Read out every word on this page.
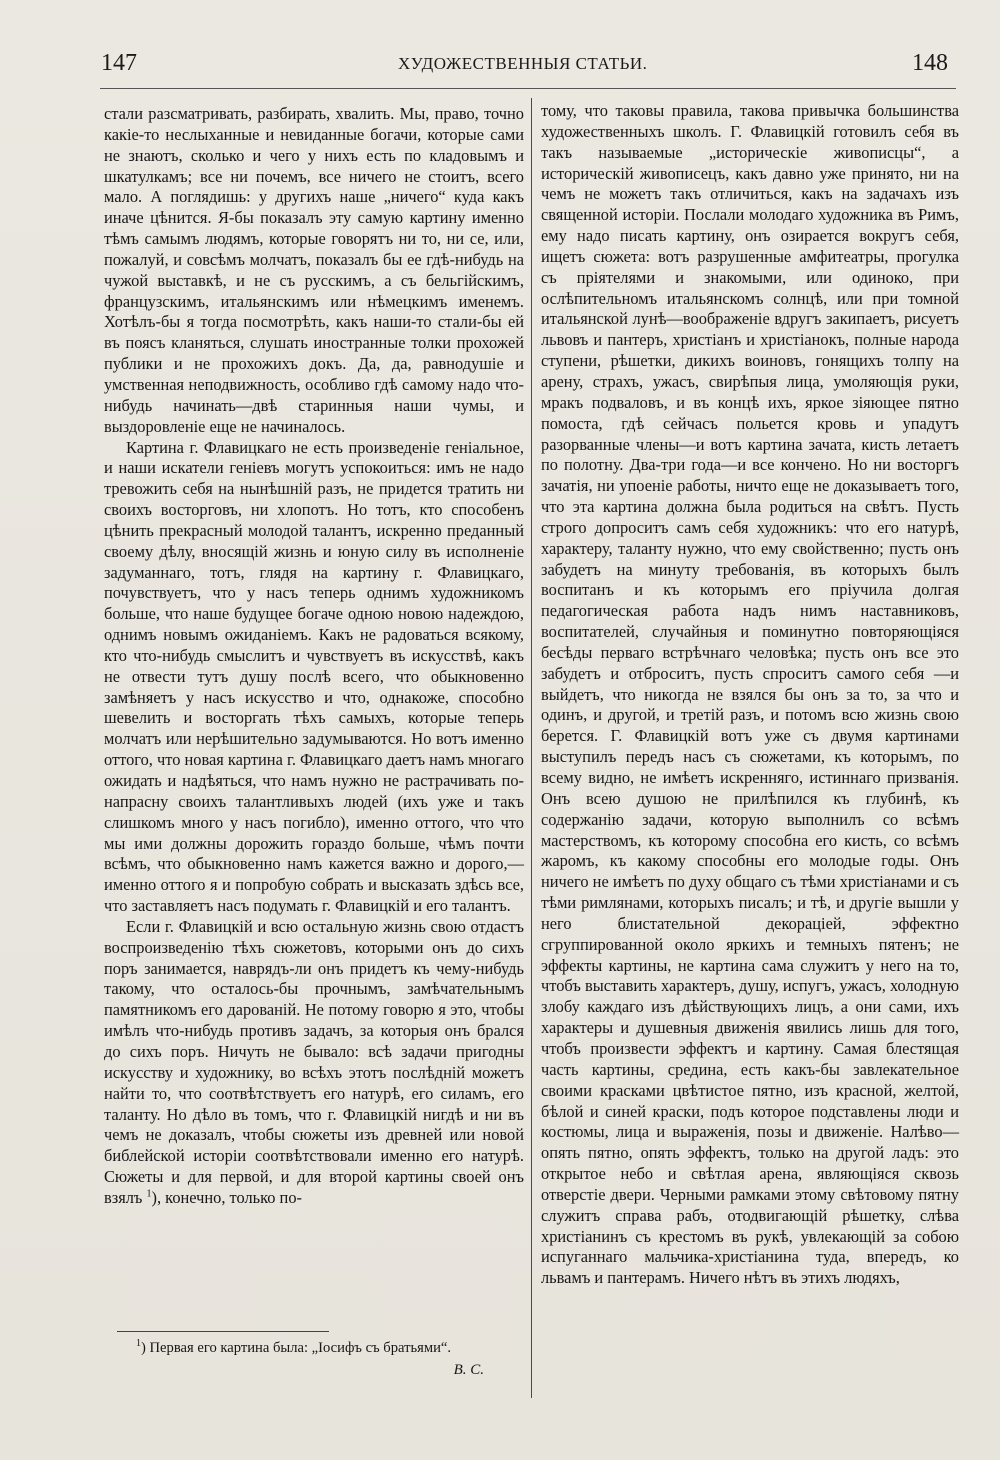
147	ХУДОЖЕСТВЕННЫЯ СТАТЬИ.	148

стали разсматривать, разбирать, хвалить. Мы, право, точно какіе-то неслыханные и невиданные богачи, которые сами не знаютъ, сколько и чего у нихъ есть по кладовымъ и шкатулкамъ; все ни почемъ, все ничего не стоитъ, всего мало. А поглядишь: у другихъ наше „ничего“ куда какъ иначе цѣнится. Я-бы показалъ эту самую картину именно тѣмъ самымъ людямъ, которые говорятъ ни то, ни се, или, пожалуй, и совсѣмъ молчатъ, показалъ бы ее гдѣ-нибудь на чужой выставкѣ, и не съ русскимъ, а съ бельгійскимъ, французскимъ, итальянскимъ или нѣмецкимъ именемъ. Хотѣлъ-бы я тогда посмотрѣть, какъ наши-то стали-бы ей въ поясъ кланяться, слушать иностранные толки прохожей публики и не прохожихъ докъ. Да, да, равнодушіе и умственная неподвижность, особливо гдѣ самому надо что-нибудь начинать—двѣ старинныя наши чумы, и выздоровленіе еще не начиналось.

Картина г. Флавицкаго не есть произведеніе геніальное, и наши искатели геніевъ могутъ успокоиться: имъ не надо тревожить себя на нынѣшній разъ, не придется тратить ни своихъ восторговъ, ни хлопотъ. Но тотъ, кто способенъ цѣнить прекрасный молодой талантъ, искренно преданный своему дѣлу, вносящій жизнь и юную силу въ исполненіе задуманнаго, тотъ, глядя на картину г. Флавицкаго, почувствуетъ, что у насъ теперь однимъ художникомъ больше, что наше будущее богаче одною новою надеждою, однимъ новымъ ожиданіемъ. Какъ не радоваться всякому, кто что-нибудь смыслитъ и чувствуетъ въ искусствѣ, какъ не отвести тутъ душу послѣ всего, что обыкновенно замѣняетъ у насъ искусство и что, однакоже, способно шевелить и восторгать тѣхъ самыхъ, которые теперь молчатъ или нерѣшительно задумываются. Но вотъ именно оттого, что новая картина г. Флавицкаго даетъ намъ многаго ожидать и надѣяться, что намъ нужно не растрачивать по-напрасну своихъ талантливыхъ людей (ихъ уже и такъ слишкомъ много у насъ погибло), именно оттого, что что мы ими должны дорожить гораздо больше, чѣмъ почти всѣмъ, что обыкновенно намъ кажется важно и дорого,—именно оттого я и попробую собрать и высказать здѣсь все, что заставляетъ насъ подумать г. Флавицкій и его талантъ.

Если г. Флавицкій и всю остальную жизнь свою отдастъ воспроизведенію тѣхъ сюжетовъ, которыми онъ до сихъ поръ занимается, наврядъ-ли онъ придетъ къ чему-нибудь такому, что осталось-бы прочнымъ, замѣчательнымъ памятникомъ его дарованій. Не потому говорю я это, чтобы имѣлъ что-нибудь противъ задачъ, за которыя онъ брался до сихъ поръ. Ничуть не бывало: всѣ задачи пригодны искусству и художнику, во всѣхъ этотъ послѣдній можетъ найти то, что соотвѣтствуетъ его натурѣ, его силамъ, его таланту. Но дѣло въ томъ, что г. Флавицкій нигдѣ и ни въ чемъ не доказалъ, чтобы сюжеты изъ древней или новой библейской исторіи соотвѣтствовали именно его натурѣ. Сюжеты и для первой, и для второй картины своей онъ взялъ $^1$), конечно, только по-

тому, что таковы правила, такова привычка большинства художественныхъ школъ. Г. Флавицкій готовилъ себя въ такъ называемые „историческіе живописцы“, а историческій живописецъ, какъ давно уже принято, ни на чемъ не можетъ такъ отличиться, какъ на задачахъ изъ священной исторіи. Послали молодаго художника въ Римъ, ему надо писать картину, онъ озирается вокругъ себя, ищетъ сюжета: вотъ разрушенные амфитеатры, прогулка съ пріятелями и знакомыми, или одиноко, при ослѣпительномъ итальянскомъ солнцѣ, или при томной итальянской лунѣ—воображеніе вдругъ закипаетъ, рисуетъ львовъ и пантеръ, христіанъ и христіанокъ, полные народа ступени, рѣшетки, дикихъ воиновъ, гонящихъ толпу на арену, страхъ, ужасъ, свирѣпыя лица, умоляющія руки, мракъ подваловъ, и въ концѣ ихъ, яркое зіяющее пятно помоста, гдѣ сейчасъ польется кровь и упадутъ разорванные члены—и вотъ картина зачата, кисть летаетъ по полотну. Два-три года—и все кончено. Но ни восторгъ зачатія, ни упоеніе работы, ничто еще не доказываетъ того, что эта картина должна была родиться на свѣтъ. Пусть строго допроситъ самъ себя художникъ: что его натурѣ, характеру, таланту нужно, что ему свойственно; пусть онъ забудетъ на минуту требованія, въ которыхъ былъ воспитанъ и къ которымъ его пріучила долгая педагогическая работа надъ нимъ наставниковъ, воспитателей, случайныя и поминутно повторяющіяся бесѣды перваго встрѣчнаго человѣка; пусть онъ все это забудетъ и отброситъ, пусть спроситъ самого себя —и выйдетъ, что никогда не взялся бы онъ за то, за что и одинъ, и другой, и третій разъ, и потомъ всю жизнь свою берется. Г. Флавицкій вотъ уже съ двумя картинами выступилъ передъ насъ съ сюжетами, къ которымъ, по всему видно, не имѣетъ искренняго, истиннаго призванія. Онъ всею душою не прилѣпился къ глубинѣ, къ содержанію задачи, которую выполнилъ со всѣмъ мастерствомъ, къ которому способна его кисть, со всѣмъ жаромъ, къ какому способны его молодые годы. Онъ ничего не имѣетъ по духу общаго съ тѣми христіанами и съ тѣми римлянами, которыхъ писалъ; и тѣ, и другіе вышли у него блистательной декораціей, эффектно сгруппированной около яркихъ и темныхъ пятенъ; не эффекты картины, не картина сама служитъ у него на то, чтобъ выставить характеръ, душу, испугъ, ужасъ, холодную злобу каждаго изъ дѣйствующихъ лицъ, а они сами, ихъ характеры и душевныя движенія явились лишь для того, чтобъ произвести эффектъ и картину. Самая блестящая часть картины, средина, есть какъ-бы завлекательное своими красками цвѣтистое пятно, изъ красной, желтой, бѣлой и синей краски, подъ которое подставлены люди и костюмы, лица и выраженія, позы и движеніе. Налѣво—опять пятно, опять эффектъ, только на другой ладъ: это открытое небо и свѣтлая арена, являющіяся сквозь отверстіе двери. Черными рамками этому свѣтовому пятну служитъ справа рабъ, отодвигающій рѣшетку, слѣва христіанинъ съ крестомъ въ рукѣ, увлекающій за собою испуганнаго мальчика-христіанина туда, впередъ, ко львамъ и пантерамъ. Ничего нѣтъ въ этихъ людяхъ,

$^1$) Первая его картина была: „Іосифъ съ братьями“.
В. С.
